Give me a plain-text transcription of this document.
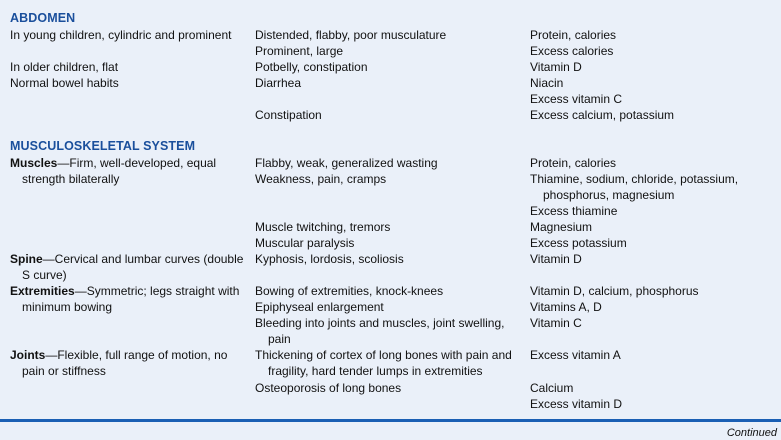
ABDOMEN
In young children, cylindric and prominent
In older children, flat
Normal bowel habits
Distended, flabby, poor musculature
Prominent, large
Potbelly, constipation
Diarrhea
Constipation
Protein, calories
Excess calories
Vitamin D
Niacin
Excess vitamin C
Excess calcium, potassium
MUSCULOSKELETAL SYSTEM
Muscles—Firm, well-developed, equal
strength bilaterally
Spine—Cervical and lumbar curves (double
S curve)
Extremities—Symmetric; legs straight with
minimum bowing
Joints—Flexible, full range of motion, no
pain or stiffness
Flabby, weak, generalized wasting
Weakness, pain, cramps
Muscle twitching, tremors
Muscular paralysis
Kyphosis, lordosis, scoliosis
Bowing of extremities, knock-knees
Epiphyseal enlargement
Bleeding into joints and muscles, joint swelling,
pain
Thickening of cortex of long bones with pain and
fragility, hard tender lumps in extremities
Osteoporosis of long bones
Protein, calories
Thiamine, sodium, chloride, potassium,
phosphorus, magnesium
Excess thiamine
Magnesium
Excess potassium
Vitamin D
Vitamin D, calcium, phosphorus
Vitamins A, D
Vitamin C
Excess vitamin A
Calcium
Excess vitamin D
Continued
